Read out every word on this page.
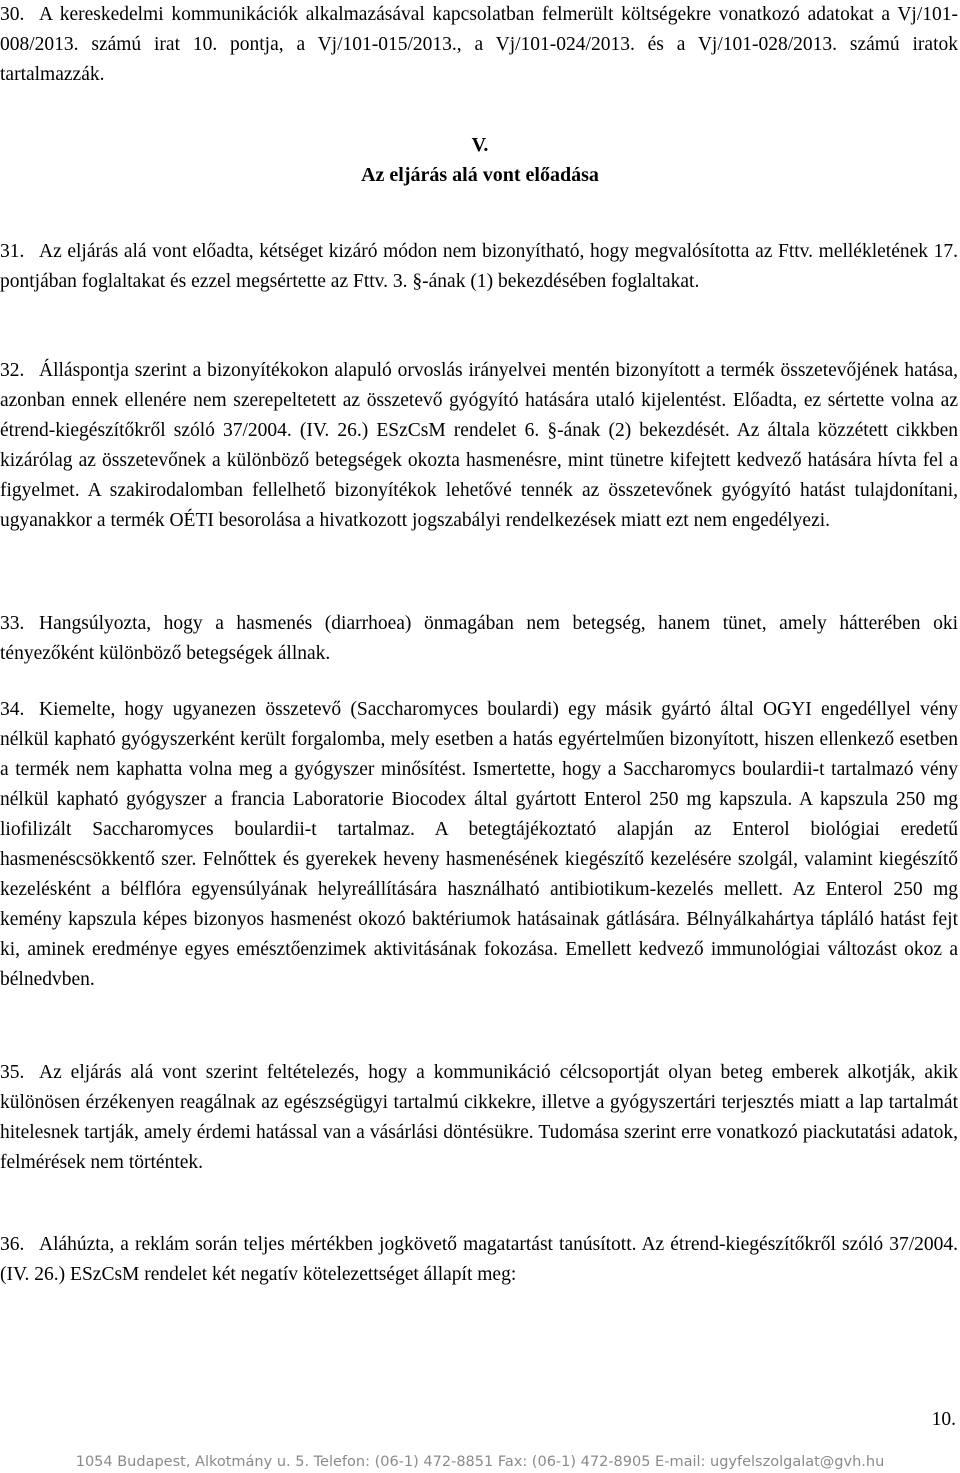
30. A kereskedelmi kommunikációk alkalmazásával kapcsolatban felmerült költségekre vonatkozó adatokat a Vj/101-008/2013. számú irat 10. pontja, a Vj/101-015/2013., a Vj/101-024/2013. és a Vj/101-028/2013. számú iratok tartalmazzák.
V.
Az eljárás alá vont előadása
31. Az eljárás alá vont előadta, kétséget kizáró módon nem bizonyítható, hogy megvalósította az Fttv. mellékletének 17. pontjában foglaltakat és ezzel megsértette az Fttv. 3. §-ának (1) bekezdésében foglaltakat.
32. Álláspontja szerint a bizonyítékokon alapuló orvoslás irányelvei mentén bizonyított a termék összetevőjének hatása, azonban ennek ellenére nem szerepeltetett az összetevő gyógyító hatására utaló kijelentést. Előadta, ez sértette volna az étrend-kiegészítőkről szóló 37/2004. (IV. 26.) ESzCsM rendelet 6. §-ának (2) bekezdését. Az általa közzétett cikkben kizárólag az összetevőnek a különböző betegségek okozta hasmenésre, mint tünetre kifejtett kedvező hatására hívta fel a figyelmet. A szakirodalomban fellelhető bizonyítékok lehetővé tennék az összetevőnek gyógyító hatást tulajdonítani, ugyanakkor a termék OÉTI besorolása a hivatkozott jogszabályi rendelkezések miatt ezt nem engedélyezi.
33. Hangsúlyozta, hogy a hasmenés (diarrhoea) önmagában nem betegség, hanem tünet, amely hátterében oki tényezőként különböző betegségek állnak.
34. Kiemelte, hogy ugyanezen összetevő (Saccharomyces boulardi) egy másik gyártó által OGYI engedéllyel vény nélkül kapható gyógyszerként került forgalomba, mely esetben a hatás egyértelműen bizonyított, hiszen ellenkező esetben a termék nem kaphatta volna meg a gyógyszer minősítést. Ismertette, hogy a Saccharomycs boulardii-t tartalmazó vény nélkül kapható gyógyszer a francia Laboratorie Biocodex által gyártott Enterol 250 mg kapszula. A kapszula 250 mg liofilizált Saccharomyces boulardii-t tartalmaz. A betegtájékoztató alapján az Enterol biológiai eredetű hasmenéscsökkentő szer. Felnőttek és gyerekek heveny hasmenésének kiegészítő kezelésére szolgál, valamint kiegészítő kezelésként a bélflóra egyensúlyának helyreállítására használható antibiotikum-kezelés mellett. Az Enterol 250 mg kemény kapszula képes bizonyos hasmenést okozó baktériumok hatásainak gátlására. Bélnyálkahártya tápláló hatást fejt ki, aminek eredménye egyes emésztőenzimek aktivitásának fokozása. Emellett kedvező immunológiai változást okoz a bélnedvben.
35. Az eljárás alá vont szerint feltételezés, hogy a kommunikáció célcsoportját olyan beteg emberek alkotják, akik különösen érzékenyen reagálnak az egészségügyi tartalmú cikkekre, illetve a gyógyszertári terjesztés miatt a lap tartalmát hitelesnek tartják, amely érdemi hatással van a vásárlási döntésükre. Tudomása szerint erre vonatkozó piackutatási adatok, felmérések nem történtek.
36. Aláhúzta, a reklám során teljes mértékben jogkövető magatartást tanúsított. Az étrend-kiegészítőkről szóló 37/2004. (IV. 26.) ESzCsM rendelet két negatív kötelezettséget állapít meg:
10.
1054 Budapest, Alkotmány u. 5. Telefon: (06-1) 472-8851 Fax: (06-1) 472-8905 E-mail: ugyfelszolgalat@gvh.hu
